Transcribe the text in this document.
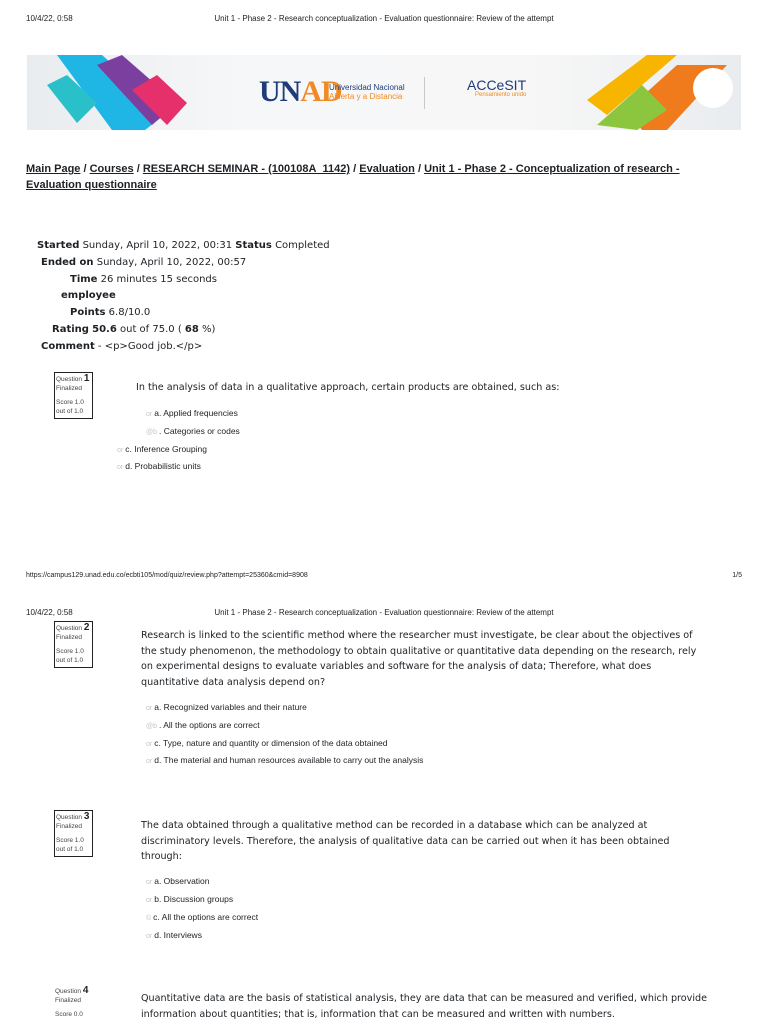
10/4/22, 0:58	Unit 1 - Phase 2 - Research conceptualization - Evaluation questionnaire: Review of the attempt
UNAD
Universidad Nacional
Abierta y a Distancia
ACCeSIT
Pensamiento unido
Main Page / Courses / RESEARCH SEMINAR - (100108A_1142) / Evaluation / Unit 1 - Phase 2 - Conceptualization of research - Evaluation questionnaire
Started Sunday, April 10, 2022, 00:31 Status Completed
Ended on Sunday, April 10, 2022, 00:57
Time 26 minutes 15 seconds
employee
Points 6.8/10.0
Rating 50.6 out of 75.0 ( 68 %)
Comment - <p>Good job.</p>
Question 1
Finalized
Score 1.0
out of 1.0
In the analysis of data in a qualitative approach, certain products are obtained, such as:
or a. Applied frequencies
@b . Categories or codes
or c. Inference Grouping
or d. Probabilistic units
https://campus129.unad.edu.co/ecbti105/mod/quiz/review.php?attempt=25360&cmid=8908	1/5
10/4/22, 0:58	Unit 1 - Phase 2 - Research conceptualization - Evaluation questionnaire: Review of the attempt
Question 2
Finalized
Score 1.0
out of 1.0
Research is linked to the scientific method where the researcher must investigate, be clear about the objectives of the study phenomenon, the methodology to obtain qualitative or quantitative data depending on the research, rely on experimental designs to evaluate variables and software for the analysis of data; Therefore, what does quantitative data analysis depend on?
or a. Recognized variables and their nature
@b . All the options are correct
or c. Type, nature and quantity or dimension of the data obtained
or d. The material and human resources available to carry out the analysis
Question 3
Finalized
Score 1.0
out of 1.0
The data obtained through a qualitative method can be recorded in a database which can be analyzed at discriminatory levels. Therefore, the analysis of qualitative data can be carried out when it has been obtained through:
or a. Observation
or b. Discussion groups
© c. All the options are correct
or d. Interviews
Question 4
Finalized
Score 0.0
Quantitative data are the basis of statistical analysis, they are data that can be measured and verified, which provide information about quantities; that is, information that can be measured and written with numbers.
